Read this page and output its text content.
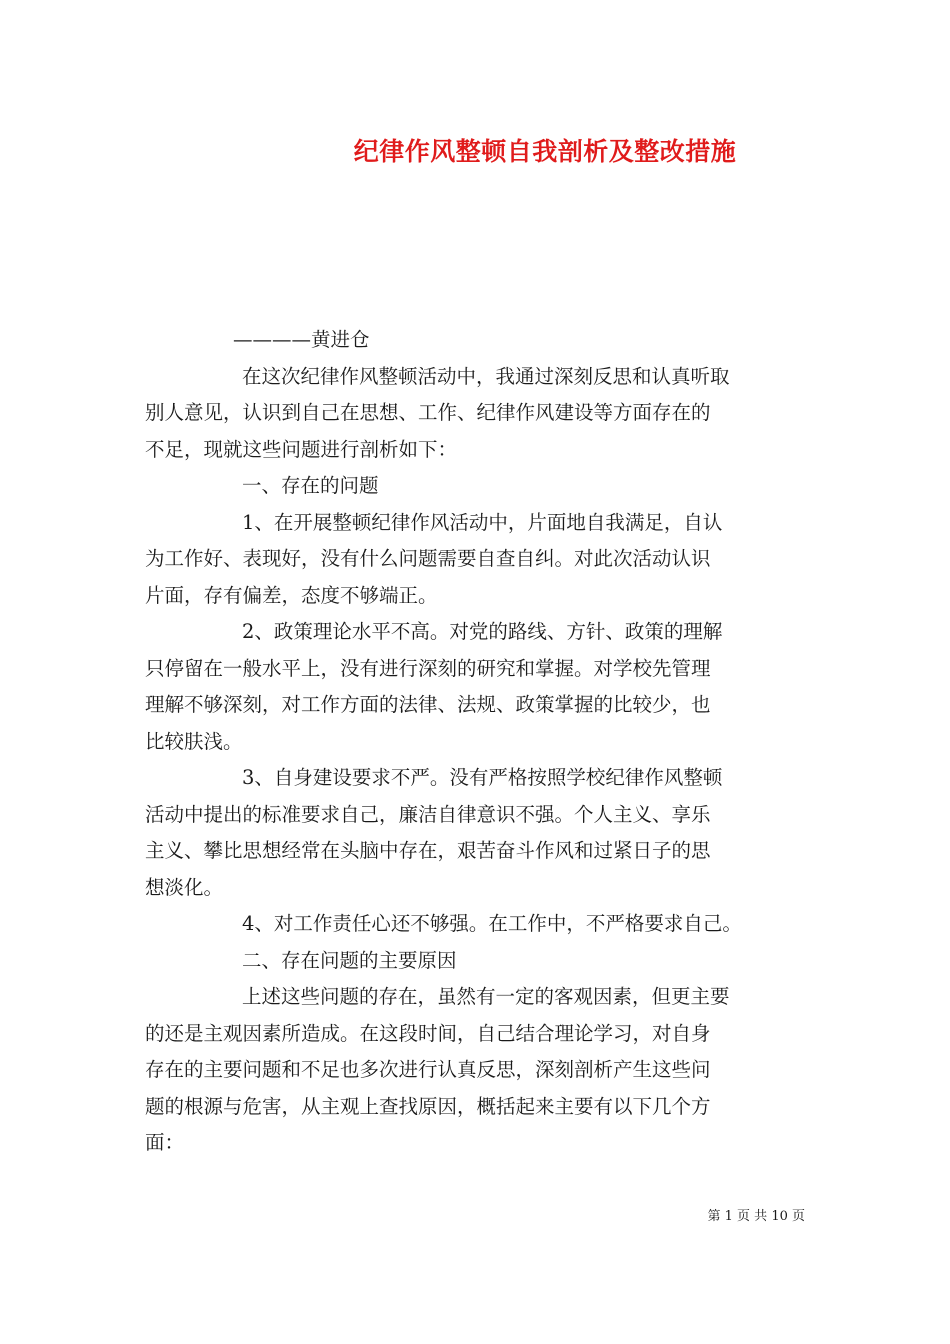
纪律作风整顿自我剖析及整改措施
————黄进仓
在这次纪律作风整顿活动中，我通过深刻反思和认真听取
别人意见，认识到自己在思想、工作、纪律作风建设等方面存在的
不足，现就这些问题进行剖析如下：
一、存在的问题
1、在开展整顿纪律作风活动中，片面地自我满足，自认
为工作好、表现好，没有什么问题需要自查自纠。对此次活动认识
片面，存有偏差，态度不够端正。
2、政策理论水平不高。对党的路线、方针、政策的理解
只停留在一般水平上，没有进行深刻的研究和掌握。对学校先管理
理解不够深刻，对工作方面的法律、法规、政策掌握的比较少，也
比较肤浅。
3、自身建设要求不严。没有严格按照学校纪律作风整顿
活动中提出的标准要求自己，廉洁自律意识不强。个人主义、享乐
主义、攀比思想经常在头脑中存在，艰苦奋斗作风和过紧日子的思
想淡化。
4、对工作责任心还不够强。在工作中，不严格要求自己。
二、存在问题的主要原因
上述这些问题的存在，虽然有一定的客观因素，但更主要
的还是主观因素所造成。在这段时间，自己结合理论学习，对自身
存在的主要问题和不足也多次进行认真反思，深刻剖析产生这些问
题的根源与危害，从主观上查找原因，概括起来主要有以下几个方
面：
第 1 页 共 10 页
